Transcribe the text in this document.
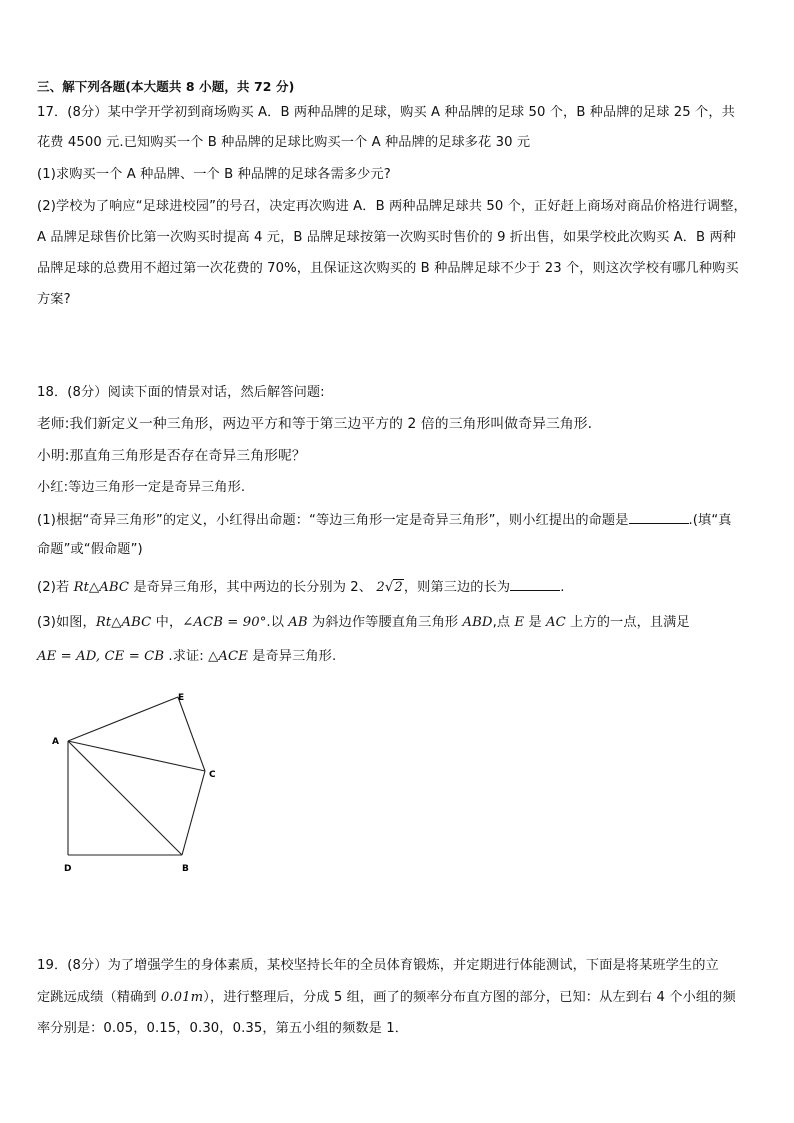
三、解下列各题(本大题共 8 小题，共 72 分)
17．(8分）某中学开学初到商场购买 A．B 两种品牌的足球，购买 A 种品牌的足球 50 个，B 种品牌的足球 25 个，共
花费 4500 元.已知购买一个 B 种品牌的足球比购买一个 A 种品牌的足球多花 30 元
(1)求购买一个 A 种品牌、一个 B 种品牌的足球各需多少元?
(2)学校为了响应“足球进校园”的号召，决定再次购进 A．B 两种品牌足球共 50 个，正好赶上商场对商品价格进行调整，
A 品牌足球售价比第一次购买时提高 4 元，B 品牌足球按第一次购买时售价的 9 折出售，如果学校此次购买 A．B 两种
品牌足球的总费用不超过第一次花费的 70%，且保证这次购买的 B 种品牌足球不少于 23 个，则这次学校有哪几种购买
方案?
18．(8分）阅读下面的情景对话，然后解答问题:
老师:我们新定义一种三角形，两边平方和等于第三边平方的 2 倍的三角形叫做奇异三角形.
小明:那直角三角形是否存在奇异三角形呢？
小红:等边三角形一定是奇异三角形.
(1)根据“奇异三角形”的定义，小红得出命题：“等边三角形一定是奇异三角形”，则小红提出的命题是	.(填“真
命题”或“假命题”)
(2)若 Rt△ABC 是奇异三角形，其中两边的长分别为 2、 2√2，则第三边的长为	.
(3)如图，Rt△ABC 中，∠ACB = 90°.以 AB 为斜边作等腰直角三角形 ABD,点 E 是 AC 上方的一点，且满足
AE = AD, CE = CB .求证: △ACE 是奇异三角形.
A
E
C
B
D
19．(8分）为了增强学生的身体素质，某校坚持长年的全员体育锻炼，并定期进行体能测试，下面是将某班学生的立
定跳远成绩（精确到 0.01m），进行整理后，分成 5 组，画了的频率分布直方图的部分，已知：从左到右 4 个小组的频
率分别是：0.05，0.15，0.30，0.35，第五小组的频数是 1．
